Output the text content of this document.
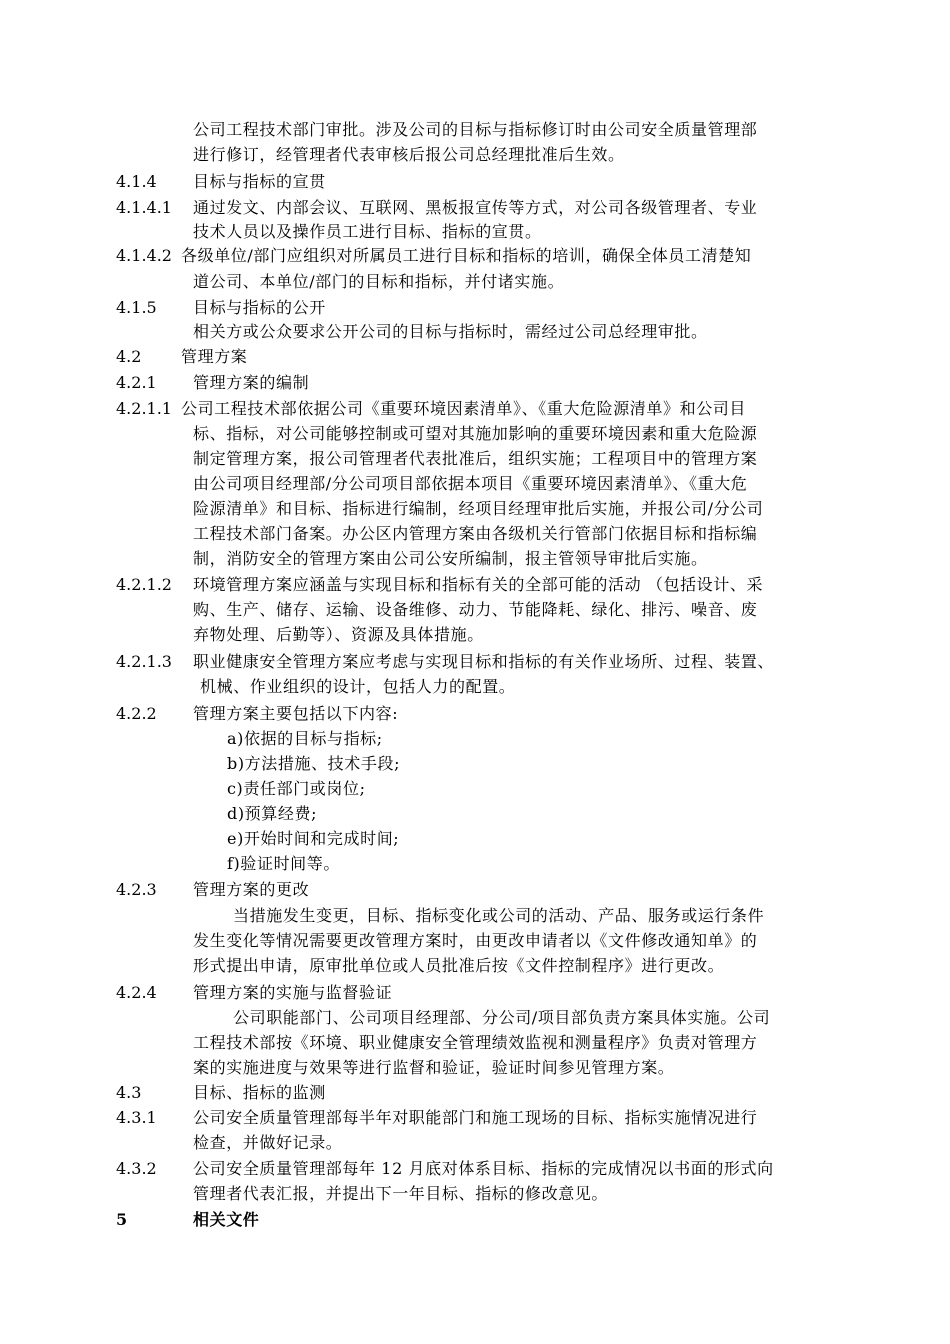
公司工程技术部门审批。涉及公司的目标与指标修订时由公司安全质量管理部
进行修订，经管理者代表审核后报公司总经理批准后生效。
4.1.4 目标与指标的宣贯
4.1.4.1 通过发文、内部会议、互联网、黑板报宣传等方式，对公司各级管理者、专业
技术人员以及操作员工进行目标、指标的宣贯。
4.1.4.2 各级单位/部门应组织对所属员工进行目标和指标的培训，确保全体员工清楚知
道公司、本单位/部门的目标和指标，并付诸实施。
4.1.5 目标与指标的公开
相关方或公众要求公开公司的目标与指标时，需经过公司总经理审批。
4.2 管理方案
4.2.1 管理方案的编制
4.2.1.1 公司工程技术部依据公司《重要环境因素清单》、《重大危险源清单》和公司目
标、指标，对公司能够控制或可望对其施加影响的重要环境因素和重大危险源
制定管理方案，报公司管理者代表批准后，组织实施；工程项目中的管理方案
由公司项目经理部/分公司项目部依据本项目《重要环境因素清单》、《重大危
险源清单》和目标、指标进行编制，经项目经理审批后实施，并报公司/分公司
工程技术部门备案。办公区内管理方案由各级机关行管部门依据目标和指标编
制，消防安全的管理方案由公司公安所编制，报主管领导审批后实施。
4.2.1.2 环境管理方案应涵盖与实现目标和指标有关的全部可能的活动 （包括设计、采
购、生产、储存、运输、设备维修、动力、节能降耗、绿化、排污、噪音、废
弃物处理、后勤等）、资源及具体措施。
4.2.1.3 职业健康安全管理方案应考虑与实现目标和指标的有关作业场所、过程、装置、
机械、作业组织的设计，包括人力的配置。
4.2.2 管理方案主要包括以下内容:
a)依据的目标与指标;
b)方法措施、技术手段;
c)责任部门或岗位;
d)预算经费;
e)开始时间和完成时间;
f)验证时间等。
4.2.3 管理方案的更改
当措施发生变更，目标、指标变化或公司的活动、产品、服务或运行条件
发生变化等情况需要更改管理方案时，由更改申请者以《文件修改通知单》的
形式提出申请，原审批单位或人员批准后按《文件控制程序》进行更改。
4.2.4 管理方案的实施与监督验证
公司职能部门、公司项目经理部、分公司/项目部负责方案具体实施。公司
工程技术部按《环境、职业健康安全管理绩效监视和测量程序》负责对管理方
案的实施进度与效果等进行监督和验证，验证时间参见管理方案。
4.3	目标、指标的监测
4.3.1 公司安全质量管理部每半年对职能部门和施工现场的目标、指标实施情况进行
检查，并做好记录。
4.3.2 公司安全质量管理部每年 12 月底对体系目标、指标的完成情况以书面的形式向
管理者代表汇报，并提出下一年目标、指标的修改意见。
5	相关文件
